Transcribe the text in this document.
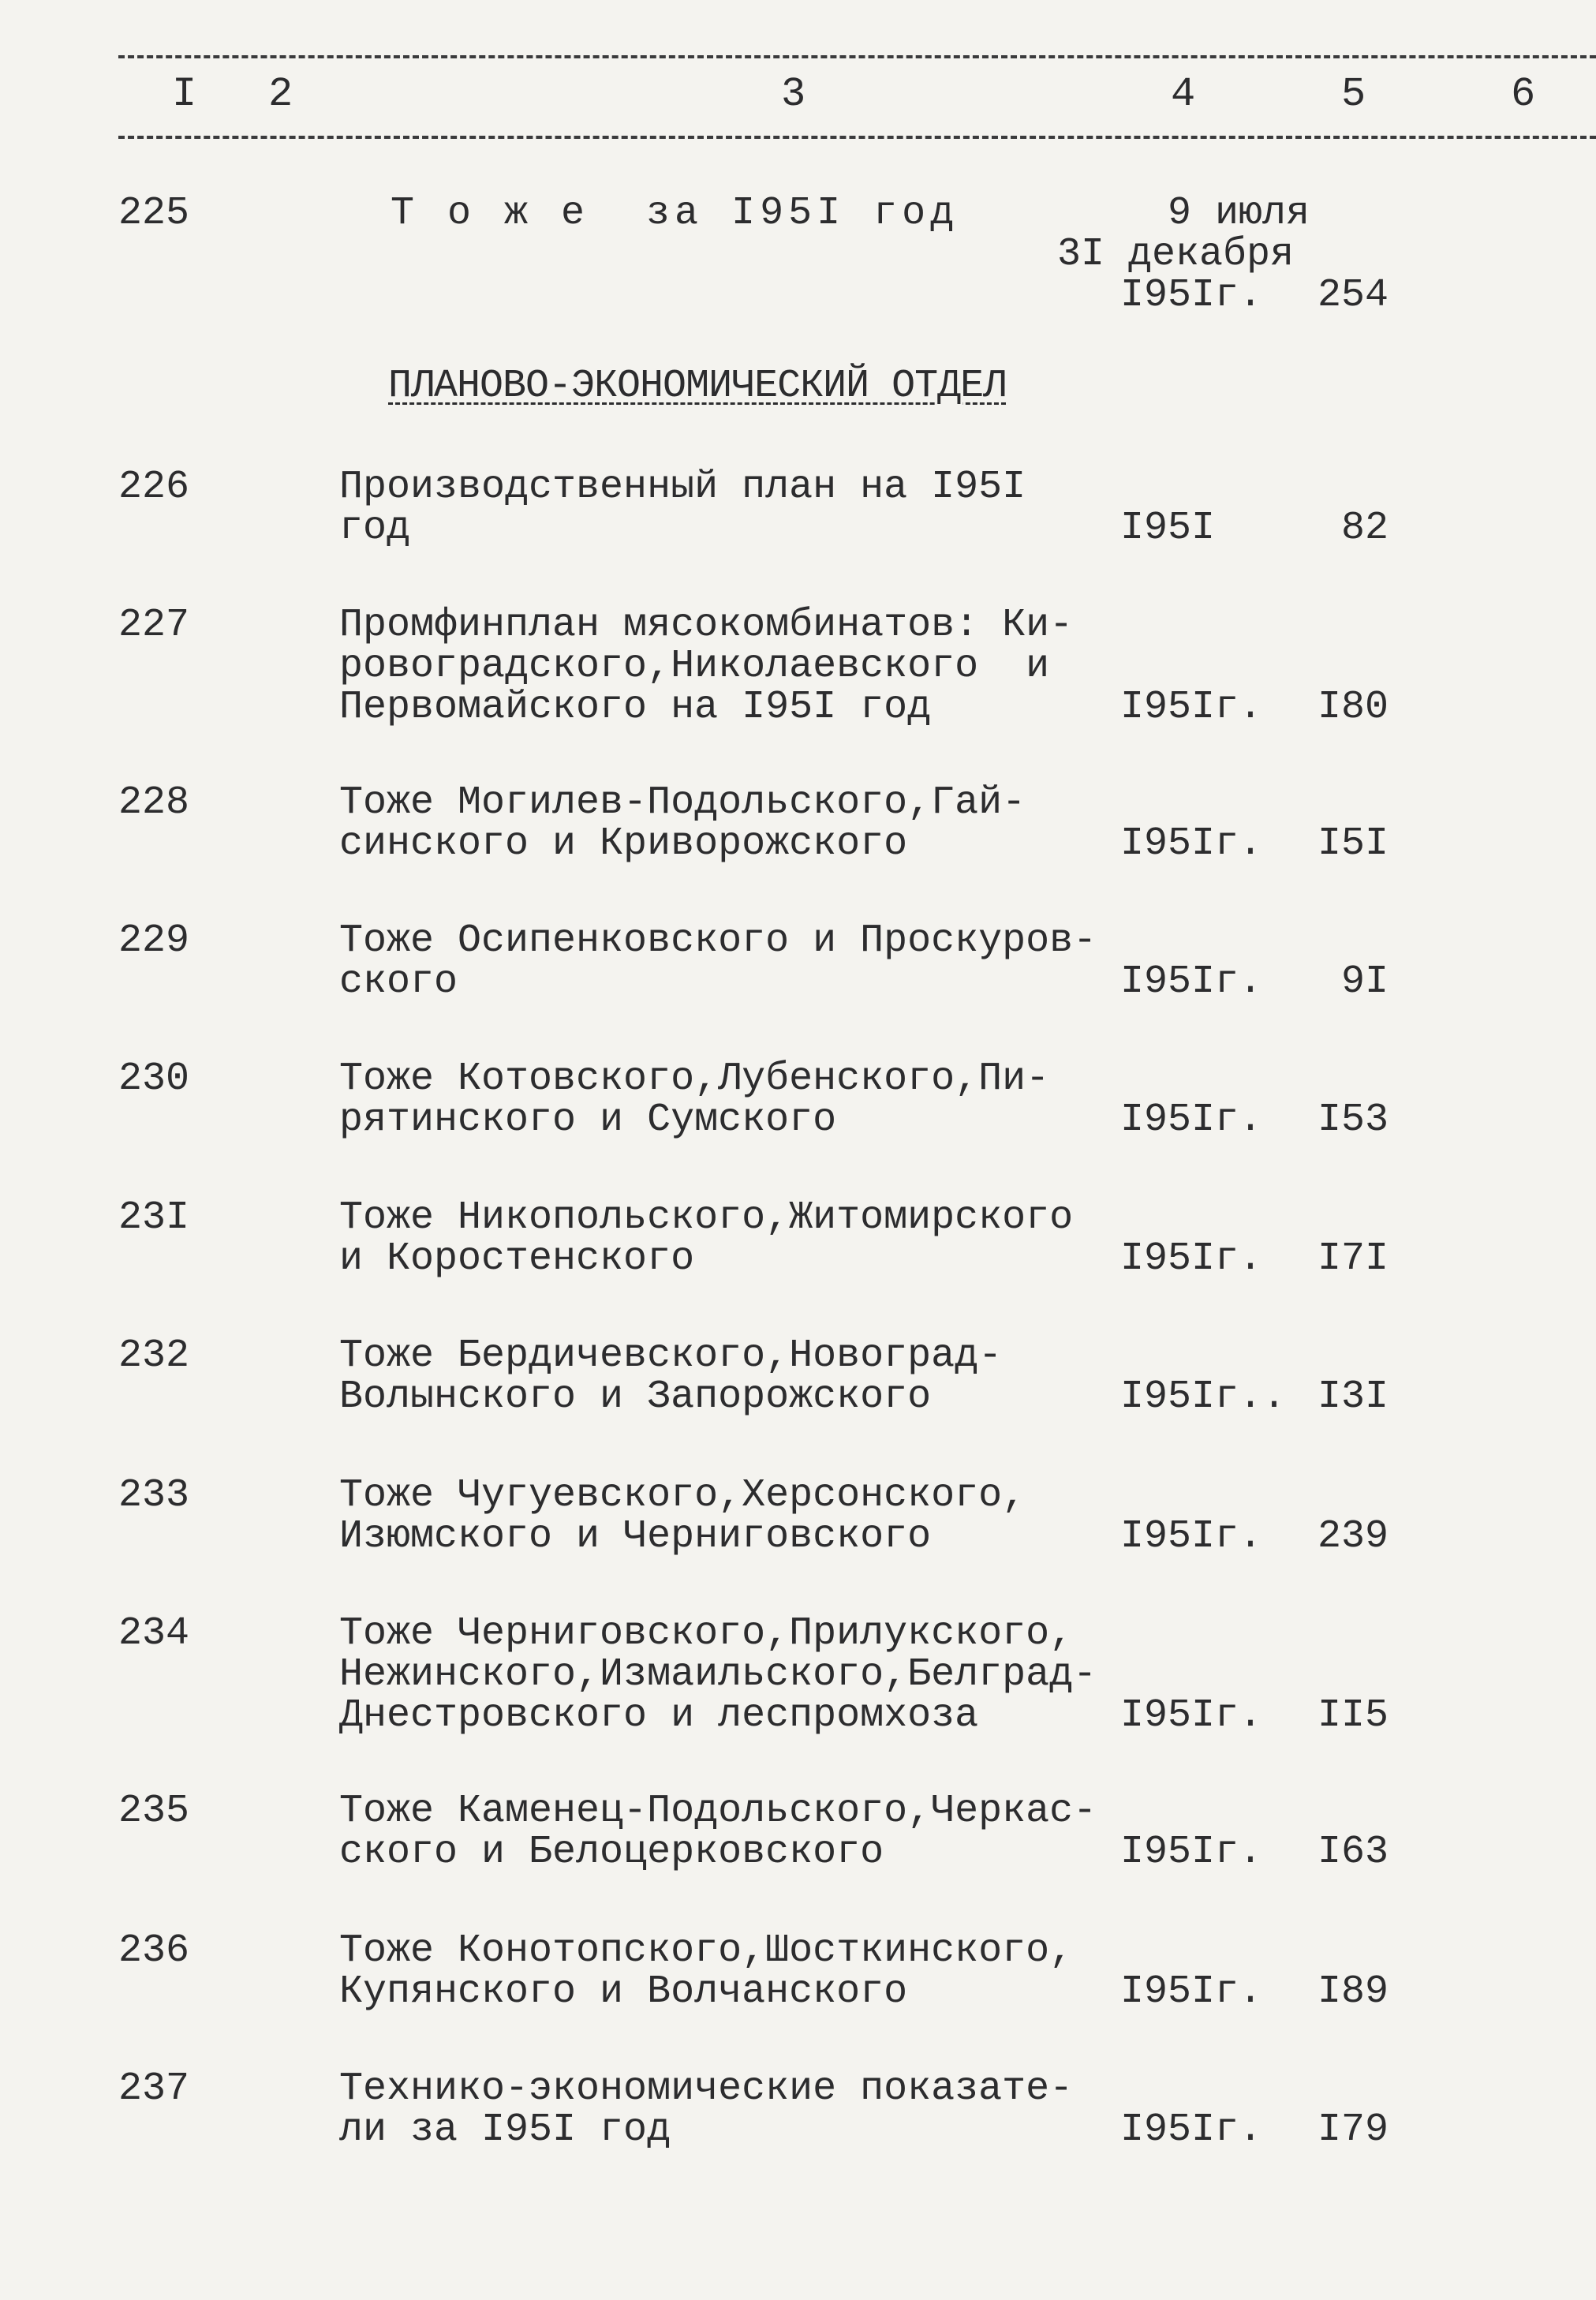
I 2	3	4	5	6
225	Т о ж е  за I95I год	9 июля
3I декабря
I95Iг.	254
ПЛАНОВО-ЭКОНОМИЧЕСКИЙ ОТДЕЛ
226	Производственный план на I95I
год	I95I	82
227	Промфинплан мясокомбинатов: Ки-
ровоградского,Николаевского  и
Первомайского на I95I год	I95Iг.	I80
228	Тоже Могилев-Подольского,Гай-
синского и Криворожского	I95Iг.	I5I
229	Тоже Осипенковского и Проскуров-
ского	I95Iг.	9I
230	Тоже Котовского,Лубенского,Пи-
рятинского и Сумского	I95Iг.	I53
23I	Тоже Никопольского,Житомирского
и Коростенского	I95Iг.	I7I
232	Тоже Бердичевского,Новоград-
Волынского и Запорожского	I95Iг.. I3I
233	Тоже Чугуевского,Херсонского,
Изюмского и Черниговского	I95Iг.	239
234	Тоже Черниговского,Прилукского,
Нежинского,Измаильского,Белград-
Днестровского и леспромхоза	I95Iг.	II5
235	Тоже Каменец-Подольского,Черкас-
ского и Белоцерковского	I95Iг.	I63
236	Тоже Конотопского,Шосткинского,
Купянского и Волчанского	I95Iг.	I89
237	Технико-экономические показате-
ли за I95I год	I95Iг.	I79
